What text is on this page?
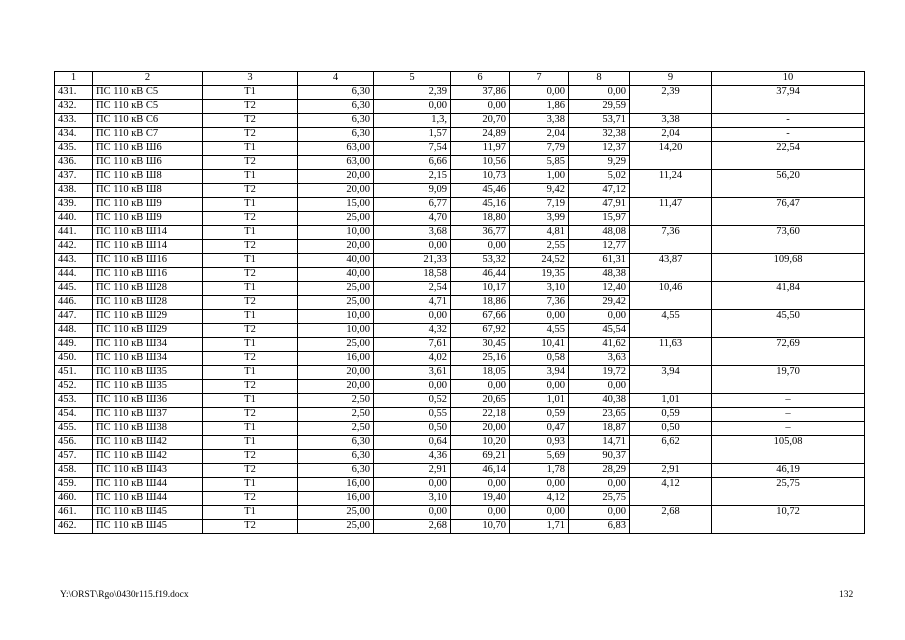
1	2	3	4	5	6	7	8	9	10
431.	ПС 110 кВ С5	Т1	6,30	2,39	37,86	0,00	0,00	2,39	37,94
432.	ПС 110 кВ С5	Т2	6,30	0,00	0,00	1,86	29,59		
433.	ПС 110 кВ С6	Т2	6,30	1,3,	20,70	3,38	53,71	3,38	-
434.	ПС 110 кВ С7	Т2	6,30	1,57	24,89	2,04	32,38	2,04	-
435.	ПС 110 кВ Ш6	Т1	63,00	7,54	11,97	7,79	12,37	14,20	22,54
436.	ПС 110 кВ Ш6	Т2	63,00	6,66	10,56	5,85	9,29		
437.	ПС 110 кВ Ш8	Т1	20,00	2,15	10,73	1,00	5,02	11,24	56,20
438.	ПС 110 кВ Ш8	Т2	20,00	9,09	45,46	9,42	47,12		
439.	ПС 110 кВ Ш9	Т1	15,00	6,77	45,16	7,19	47,91	11,47	76,47
440.	ПС 110 кВ Ш9	Т2	25,00	4,70	18,80	3,99	15,97		
441.	ПС 110 кВ Ш14	Т1	10,00	3,68	36,77	4,81	48,08	7,36	73,60
442.	ПС 110 кВ Ш14	Т2	20,00	0,00	0,00	2,55	12,77		
443.	ПС 110 кВ Ш16	Т1	40,00	21,33	53,32	24,52	61,31	43,87	109,68
444.	ПС 110 кВ Ш16	Т2	40,00	18,58	46,44	19,35	48,38		
445.	ПС 110 кВ Ш28	Т1	25,00	2,54	10,17	3,10	12,40	10,46	41,84
446.	ПС 110 кВ Ш28	Т2	25,00	4,71	18,86	7,36	29,42		
447.	ПС 110 кВ Ш29	Т1	10,00	0,00	67,66	0,00	0,00	4,55	45,50
448.	ПС 110 кВ Ш29	Т2	10,00	4,32	67,92	4,55	45,54		
449.	ПС 110 кВ Ш34	Т1	25,00	7,61	30,45	10,41	41,62	11,63	72,69
450.	ПС 110 кВ Ш34	Т2	16,00	4,02	25,16	0,58	3,63		
451.	ПС 110 кВ Ш35	Т1	20,00	3,61	18,05	3,94	19,72	3,94	19,70
452.	ПС 110 кВ Ш35	Т2	20,00	0,00	0,00	0,00	0,00		
453.	ПС 110 кВ Ш36	Т1	2,50	0,52	20,65	1,01	40,38	1,01	–
454.	ПС 110 кВ Ш37	Т2	2,50	0,55	22,18	0,59	23,65	0,59	–
455.	ПС 110 кВ Ш38	Т1	2,50	0,50	20,00	0,47	18,87	0,50	–
456.	ПС 110 кВ Ш42	Т1	6,30	0,64	10,20	0,93	14,71	6,62	105,08
457.	ПС 110 кВ Ш42	Т2	6,30	4,36	69,21	5,69	90,37		
458.	ПС 110 кВ Ш43	Т2	6,30	2,91	46,14	1,78	28,29	2,91	46,19
459.	ПС 110 кВ Ш44	Т1	16,00	0,00	0,00	0,00	0,00	4,12	25,75
460.	ПС 110 кВ Ш44	Т2	16,00	3,10	19,40	4,12	25,75		
461.	ПС 110 кВ Ш45	Т1	25,00	0,00	0,00	0,00	0,00	2,68	10,72
462.	ПС 110 кВ Ш45	Т2	25,00	2,68	10,70	1,71	6,83		
Y:\ORST\Rgo\0430r115.f19.docx	132
